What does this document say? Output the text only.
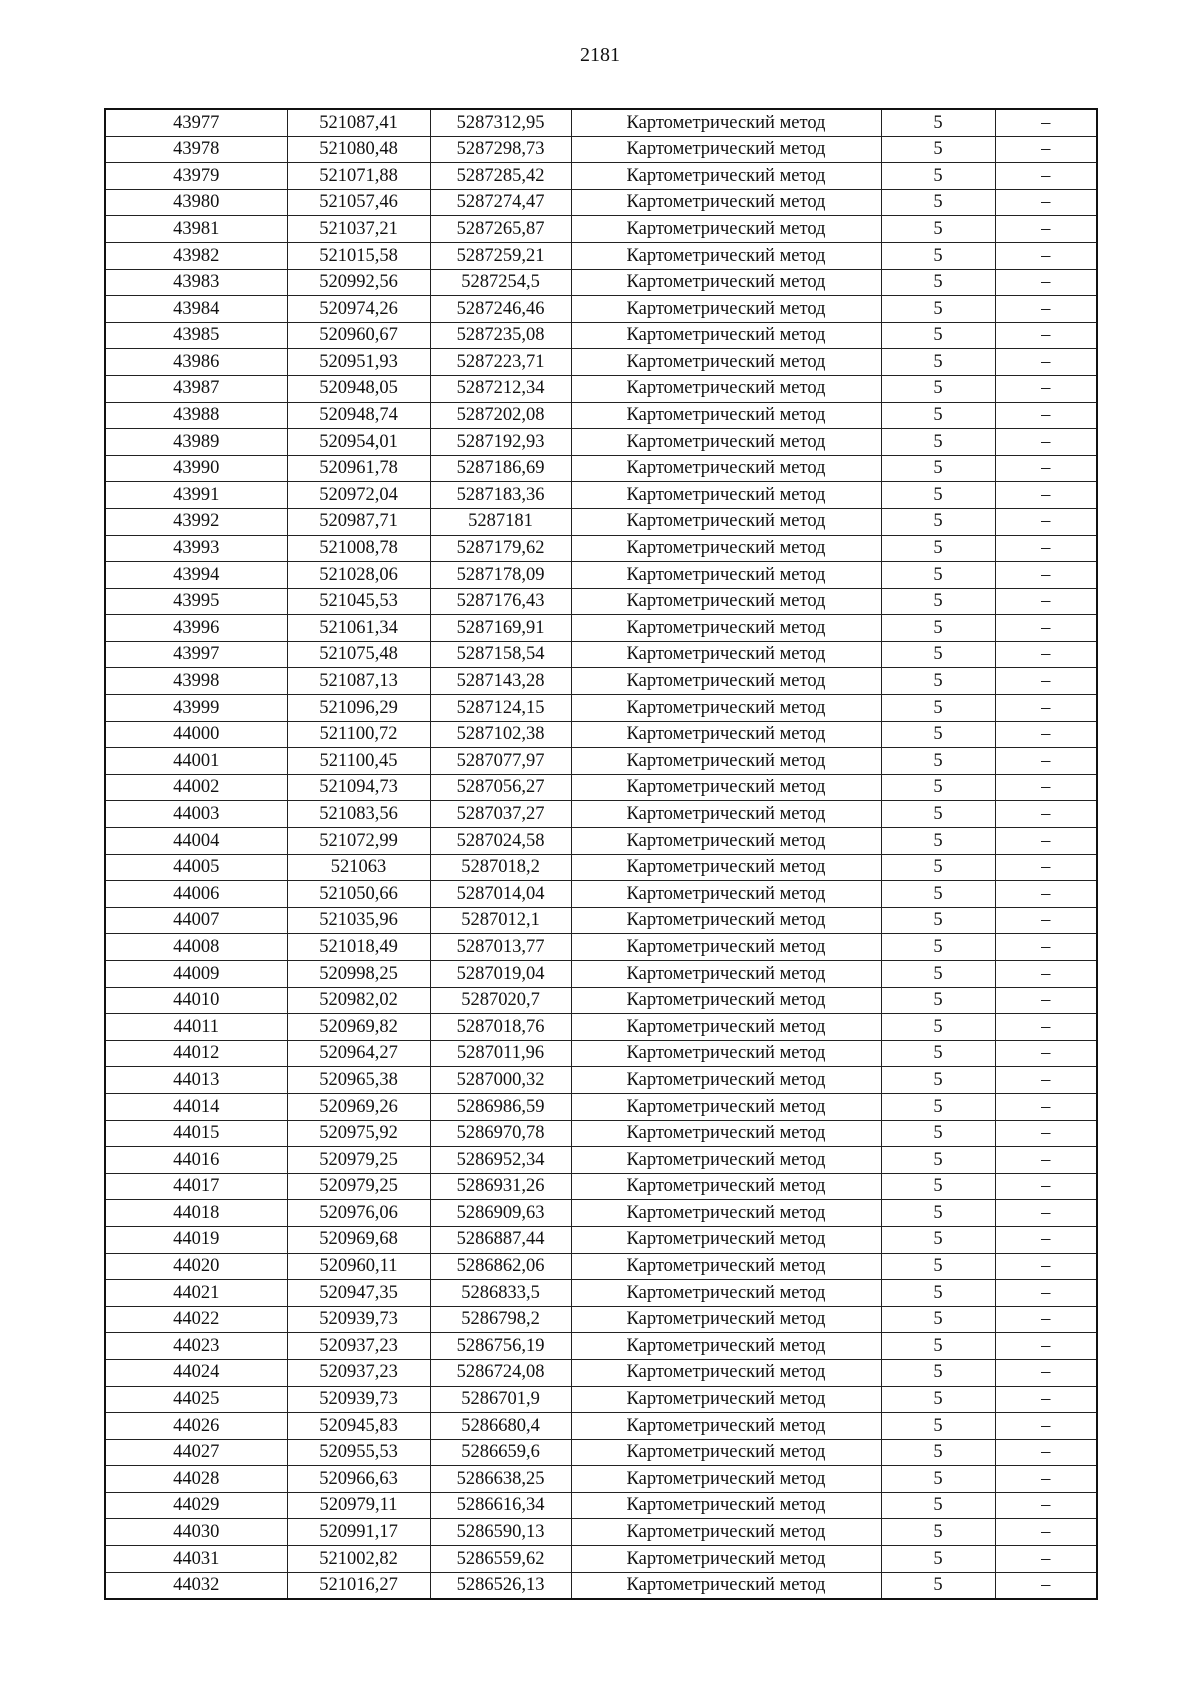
2181
43977	521087,41	5287312,95	Картометрический метод	5	–
43978	521080,48	5287298,73	Картометрический метод	5	–
43979	521071,88	5287285,42	Картометрический метод	5	–
43980	521057,46	5287274,47	Картометрический метод	5	–
43981	521037,21	5287265,87	Картометрический метод	5	–
43982	521015,58	5287259,21	Картометрический метод	5	–
43983	520992,56	5287254,5	Картометрический метод	5	–
43984	520974,26	5287246,46	Картометрический метод	5	–
43985	520960,67	5287235,08	Картометрический метод	5	–
43986	520951,93	5287223,71	Картометрический метод	5	–
43987	520948,05	5287212,34	Картометрический метод	5	–
43988	520948,74	5287202,08	Картометрический метод	5	–
43989	520954,01	5287192,93	Картометрический метод	5	–
43990	520961,78	5287186,69	Картометрический метод	5	–
43991	520972,04	5287183,36	Картометрический метод	5	–
43992	520987,71	5287181	Картометрический метод	5	–
43993	521008,78	5287179,62	Картометрический метод	5	–
43994	521028,06	5287178,09	Картометрический метод	5	–
43995	521045,53	5287176,43	Картометрический метод	5	–
43996	521061,34	5287169,91	Картометрический метод	5	–
43997	521075,48	5287158,54	Картометрический метод	5	–
43998	521087,13	5287143,28	Картометрический метод	5	–
43999	521096,29	5287124,15	Картометрический метод	5	–
44000	521100,72	5287102,38	Картометрический метод	5	–
44001	521100,45	5287077,97	Картометрический метод	5	–
44002	521094,73	5287056,27	Картометрический метод	5	–
44003	521083,56	5287037,27	Картометрический метод	5	–
44004	521072,99	5287024,58	Картометрический метод	5	–
44005	521063	5287018,2	Картометрический метод	5	–
44006	521050,66	5287014,04	Картометрический метод	5	–
44007	521035,96	5287012,1	Картометрический метод	5	–
44008	521018,49	5287013,77	Картометрический метод	5	–
44009	520998,25	5287019,04	Картометрический метод	5	–
44010	520982,02	5287020,7	Картометрический метод	5	–
44011	520969,82	5287018,76	Картометрический метод	5	–
44012	520964,27	5287011,96	Картометрический метод	5	–
44013	520965,38	5287000,32	Картометрический метод	5	–
44014	520969,26	5286986,59	Картометрический метод	5	–
44015	520975,92	5286970,78	Картометрический метод	5	–
44016	520979,25	5286952,34	Картометрический метод	5	–
44017	520979,25	5286931,26	Картометрический метод	5	–
44018	520976,06	5286909,63	Картометрический метод	5	–
44019	520969,68	5286887,44	Картометрический метод	5	–
44020	520960,11	5286862,06	Картометрический метод	5	–
44021	520947,35	5286833,5	Картометрический метод	5	–
44022	520939,73	5286798,2	Картометрический метод	5	–
44023	520937,23	5286756,19	Картометрический метод	5	–
44024	520937,23	5286724,08	Картометрический метод	5	–
44025	520939,73	5286701,9	Картометрический метод	5	–
44026	520945,83	5286680,4	Картометрический метод	5	–
44027	520955,53	5286659,6	Картометрический метод	5	–
44028	520966,63	5286638,25	Картометрический метод	5	–
44029	520979,11	5286616,34	Картометрический метод	5	–
44030	520991,17	5286590,13	Картометрический метод	5	–
44031	521002,82	5286559,62	Картометрический метод	5	–
44032	521016,27	5286526,13	Картометрический метод	5	–
